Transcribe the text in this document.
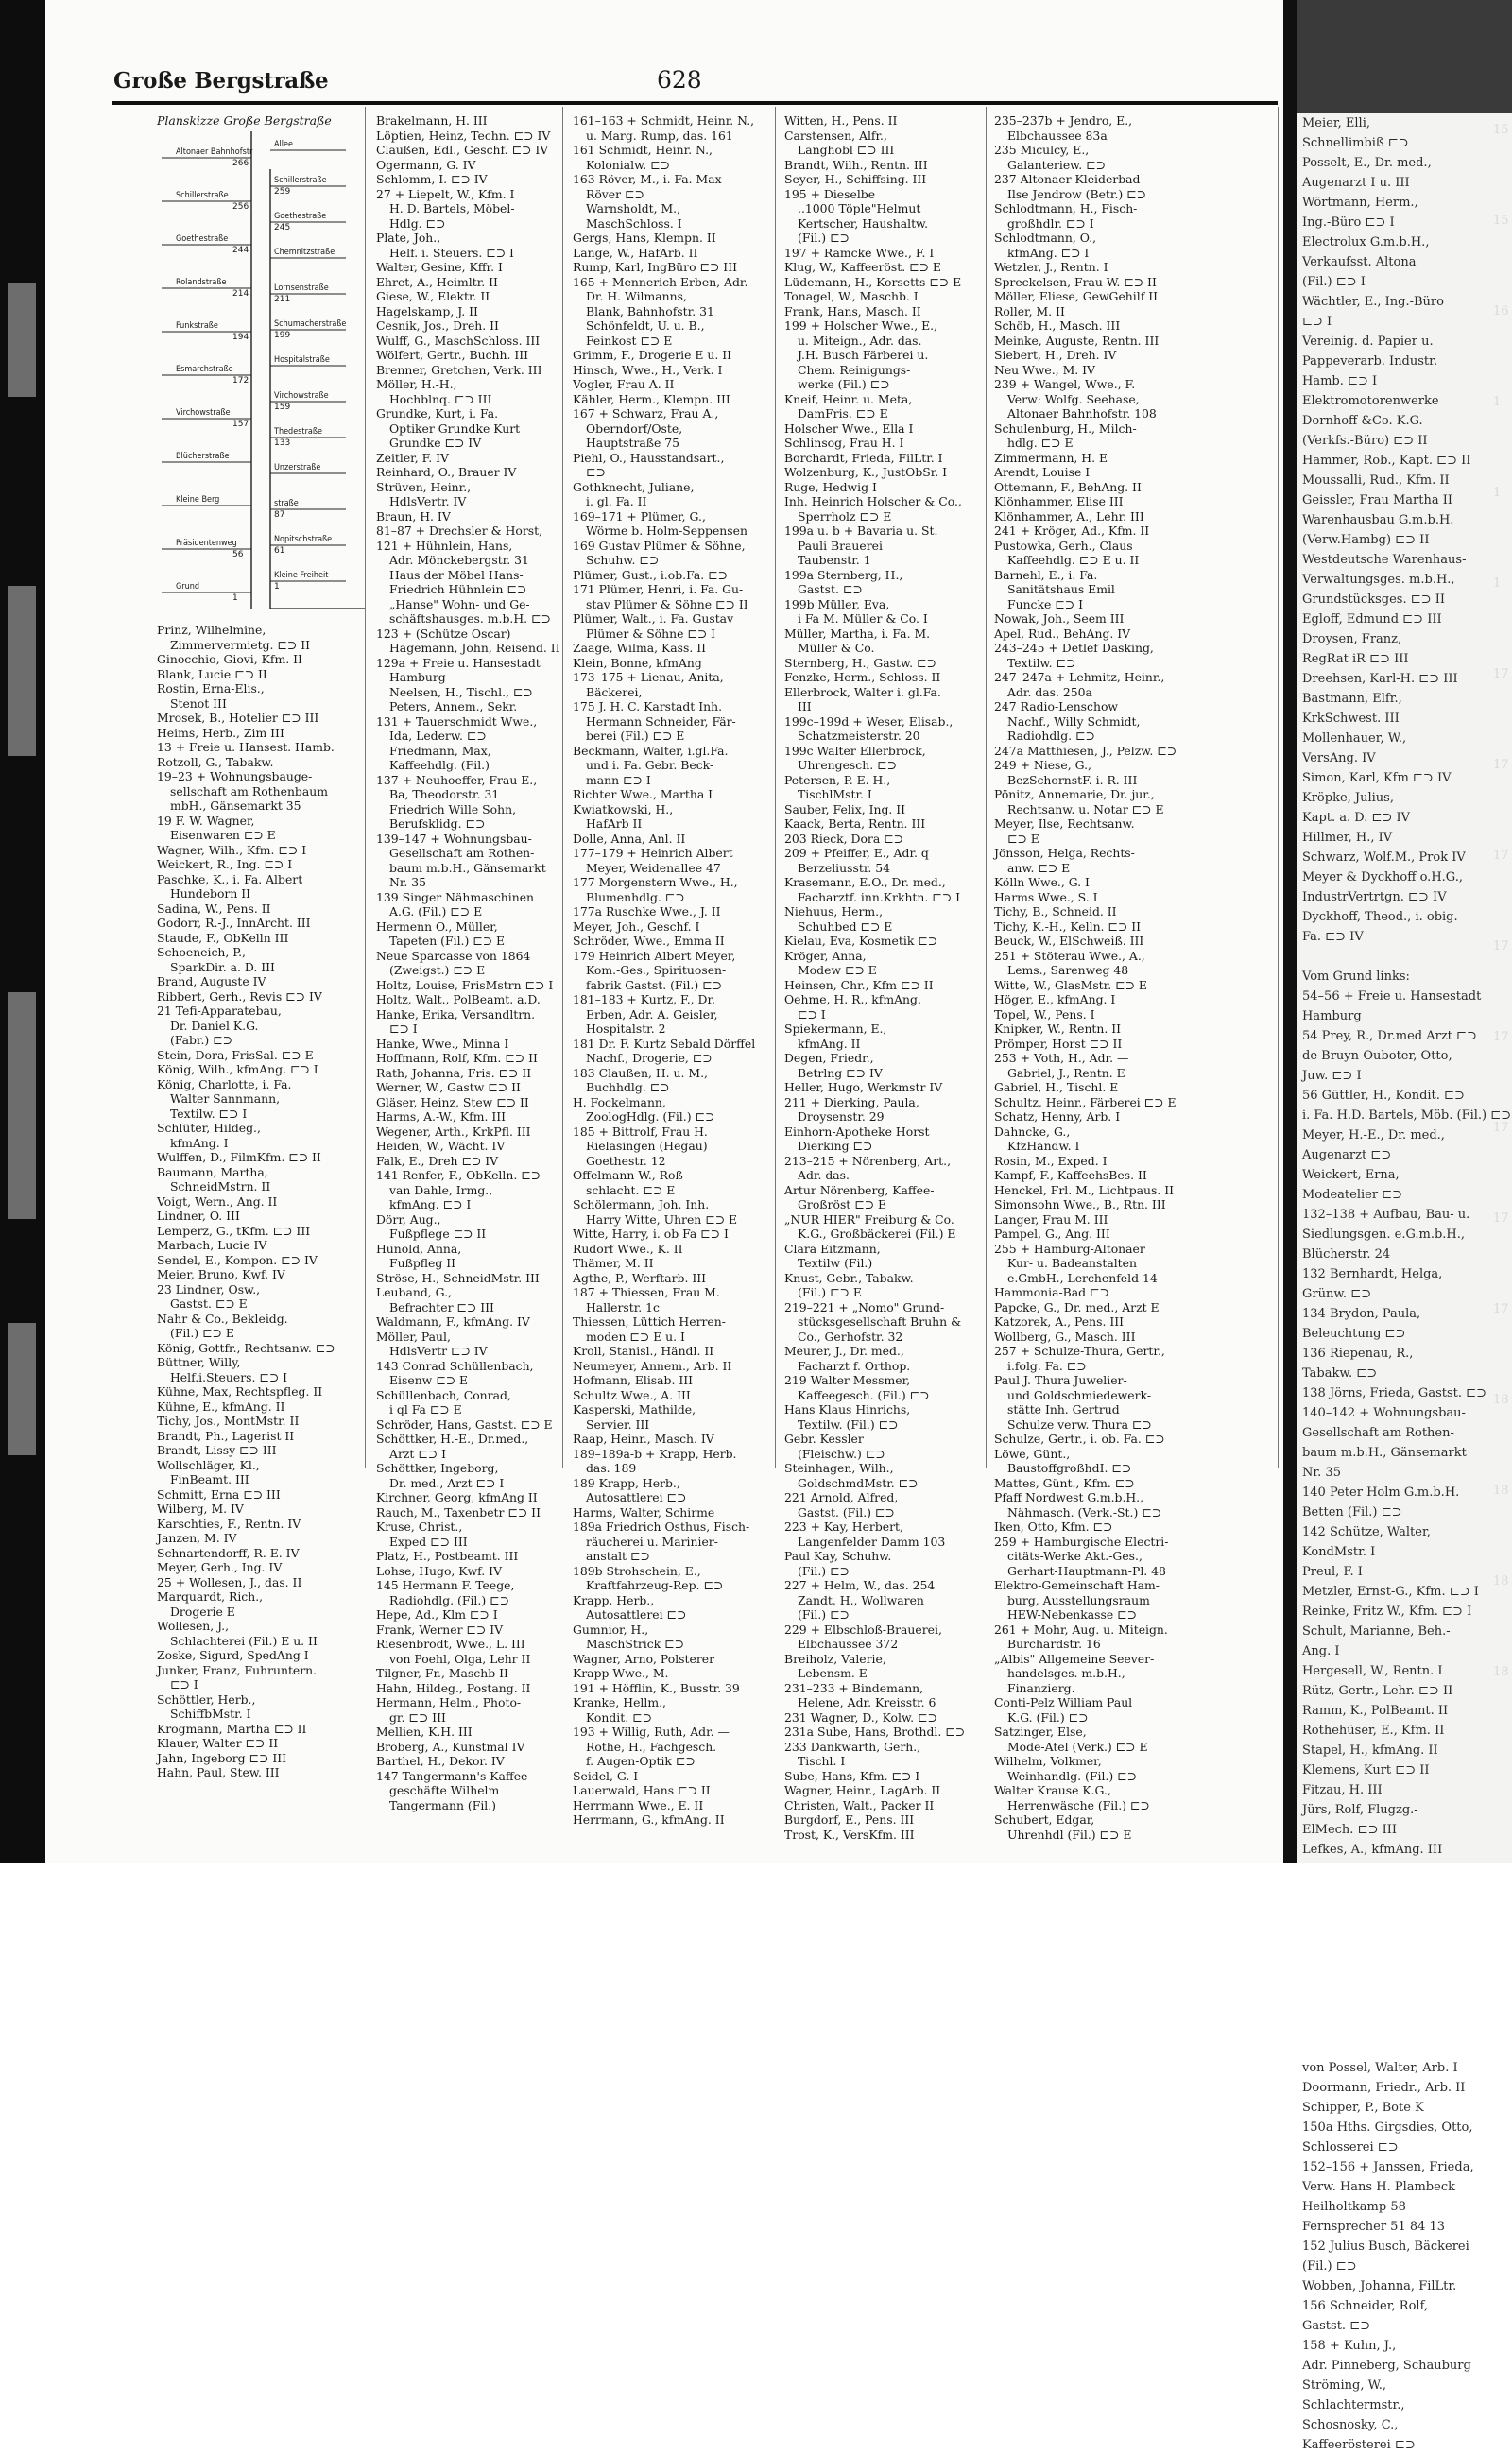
Große Bergstraße	628
Planskizze Große Bergstraße
Altonaer Bahnhofstr
266
Schillerstraße
256
Goethestraße
244
Rolandstraße
214
Funkstraße
194
Esmarchstraße
172
Virchowstraße
157
Blücherstraße
Kleine Berg
Präsidentenweg
56
Grund
1
Allee
Schillerstraße
259
Goethestraße
245
Chemnitzstraße
Lornsenstraße
211
Schumacherstraße
199
Hospitalstraße
Virchowstraße
159
Thedestraße
133
Unzerstraße
straße
87
Nopitschstraße
61
Kleine Freiheit
1
Prinz, Wilhelmine,
Zimmervermietg. ⊏⊃ II
Ginocchio, Giovi, Kfm. II
Blank, Lucie ⊏⊃ II
Rostin, Erna-Elis.,
Stenot III
Mrosek, B., Hotelier ⊏⊃ III
Heims, Herb., Zim III
13 + Freie u. Hansest. Hamb.
Rotzoll, G., Tabakw.
19–23 + Wohnungsbauge-
sellschaft am Rothenbaum
mbH., Gänsemarkt 35
19 F. W. Wagner,
Eisenwaren ⊏⊃ E
Wagner, Wilh., Kfm. ⊏⊃ I
Weickert, R., Ing. ⊏⊃ I
Paschke, K., i. Fa. Albert
Hundeborn II
Sadina, W., Pens. II
Godorr, R.-J., InnArcht. III
Staude, F., ObKelln III
Schoeneich, P.,
SparkDir. a. D. III
Brand, Auguste IV
Ribbert, Gerh., Revis ⊏⊃ IV
21 Tefi-Apparatebau,
Dr. Daniel K.G.
(Fabr.) ⊏⊃
Stein, Dora, FrisSal. ⊏⊃ E
König, Wilh., kfmAng. ⊏⊃ I
König, Charlotte, i. Fa.
Walter Sannmann,
Textilw. ⊏⊃ I
Schlüter, Hildeg.,
kfmAng. I
Wulffen, D., FilmKfm. ⊏⊃ II
Baumann, Martha,
SchneidMstrn. II
Voigt, Wern., Ang. II
Lindner, O. III
Lemperz, G., tKfm. ⊏⊃ III
Marbach, Lucie IV
Sendel, E., Kompon. ⊏⊃ IV
Meier, Bruno, Kwf. IV
23 Lindner, Osw.,
Gastst. ⊏⊃ E
Nahr & Co., Bekleidg.
(Fil.) ⊏⊃ E
König, Gottfr., Rechtsanw. ⊏⊃
Büttner, Willy,
Helf.i.Steuers. ⊏⊃ I
Kühne, Max, Rechtspfleg. II
Kühne, E., kfmAng. II
Tichy, Jos., MontMstr. II
Brandt, Ph., Lagerist II
Brandt, Lissy ⊏⊃ III
Wollschläger, Kl.,
FinBeamt. III
Schmitt, Erna ⊏⊃ III
Wilberg, M. IV
Karschties, F., Rentn. IV
Janzen, M. IV
Schnartendorff, R. E. IV
Meyer, Gerh., Ing. IV
25 + Wollesen, J., das. II
Marquardt, Rich.,
Drogerie E
Wollesen, J.,
Schlachterei (Fil.) E u. II
Zoske, Sigurd, SpedAng I
Junker, Franz, Fuhruntern.
⊏⊃ I
Schöttler, Herb.,
SchiffbMstr. I
Krogmann, Martha ⊏⊃ II
Klauer, Walter ⊏⊃ II
Jahn, Ingeborg ⊏⊃ III
Hahn, Paul, Stew. III
Brakelmann, H. III
Löptien, Heinz, Techn. ⊏⊃ IV
Claußen, Edl., Geschf. ⊏⊃ IV
Ogermann, G. IV
Schlomm, I. ⊏⊃ IV
27 + Liepelt, W., Kfm. I
H. D. Bartels, Möbel-
Hdlg. ⊏⊃
Plate, Joh.,
Helf. i. Steuers. ⊏⊃ I
Walter, Gesine, Kffr. I
Ehret, A., Heimltr. II
Giese, W., Elektr. II
Hagelskamp, J. II
Cesnik, Jos., Dreh. II
Wulff, G., MaschSchloss. III
Wölfert, Gertr., Buchh. III
Brenner, Gretchen, Verk. III
Möller, H.-H.,
Hochblnq. ⊏⊃ III
Grundke, Kurt, i. Fa.
Optiker Grundke Kurt
Grundke ⊏⊃ IV
Zeitler, F. IV
Reinhard, O., Brauer IV
Strüven, Heinr.,
HdlsVertr. IV
Braun, H. IV
81–87 + Drechsler & Horst,
121 + Hühnlein, Hans,
Adr. Mönckebergstr. 31
Haus der Möbel Hans-
Friedrich Hühnlein ⊏⊃
„Hanse" Wohn- und Ge-
schäftshausges. m.b.H. ⊏⊃
123 + (Schütze Oscar)
Hagemann, John, Reisend. II
129a + Freie u. Hansestadt
Hamburg
Neelsen, H., Tischl., ⊏⊃
Peters, Annem., Sekr.
131 + Tauerschmidt Wwe.,
Ida, Lederw. ⊏⊃
Friedmann, Max,
Kaffeehdlg. (Fil.)
137 + Neuhoeffer, Frau E.,
Ba, Theodorstr. 31
Friedrich Wille Sohn,
Berufsklidg. ⊏⊃
139–147 + Wohnungsbau-
Gesellschaft am Rothen-
baum m.b.H., Gänsemarkt
Nr. 35
139 Singer Nähmaschinen
A.G. (Fil.) ⊏⊃ E
Hermenn O., Müller,
Tapeten (Fil.) ⊏⊃ E
Neue Sparcasse von 1864
(Zweigst.) ⊏⊃ E
Holtz, Louise, FrisMstrn ⊏⊃ I
Holtz, Walt., PolBeamt. a.D.
Hanke, Erika, Versandltrn.
⊏⊃ I
Hanke, Wwe., Minna I
Hoffmann, Rolf, Kfm. ⊏⊃ II
Rath, Johanna, Fris. ⊏⊃ II
Werner, W., Gastw ⊏⊃ II
Gläser, Heinz, Stew ⊏⊃ II
Harms, A.-W., Kfm. III
Wegener, Arth., KrkPfl. III
Heiden, W., Wächt. IV
Falk, E., Dreh ⊏⊃ IV
141 Renfer, F., ObKelln. ⊏⊃
van Dahle, Irmg.,
kfmAng. ⊏⊃ I
Dörr, Aug.,
Fußpflege ⊏⊃ II
Hunold, Anna,
Fußpfleg II
Ströse, H., SchneidMstr. III
Leuband, G.,
Befrachter ⊏⊃ III
Waldmann, F., kfmAng. IV
Möller, Paul,
HdlsVertr ⊏⊃ IV
143 Conrad Schüllenbach,
Eisenw ⊏⊃ E
Schüllenbach, Conrad,
i ql Fa ⊏⊃ E
Schröder, Hans, Gastst. ⊏⊃ E
Schöttker, H.-E., Dr.med.,
Arzt ⊏⊃ I
Schöttker, Ingeborg,
Dr. med., Arzt ⊏⊃ I
Kirchner, Georg, kfmAng II
Rauch, M., Taxenbetr ⊏⊃ II
Kruse, Christ.,
Exped ⊏⊃ III
Platz, H., Postbeamt. III
Lohse, Hugo, Kwf. IV
145 Hermann F. Teege,
Radiohdlg. (Fil.) ⊏⊃
Hepe, Ad., Klm ⊏⊃ I
Frank, Werner ⊏⊃ IV
Riesenbrodt, Wwe., L. III
von Poehl, Olga, Lehr II
Tilgner, Fr., Maschb II
Hahn, Hildeg., Postang. II
Hermann, Helm., Photo-
gr. ⊏⊃ III
Mellien, K.H. III
Broberg, A., Kunstmal IV
Barthel, H., Dekor. IV
147 Tangermann's Kaffee-
geschäfte Wilhelm
Tangermann (Fil.)
161–163 + Schmidt, Heinr. N.,
u. Marg. Rump, das. 161
161 Schmidt, Heinr. N.,
Kolonialw. ⊏⊃
163 Röver, M., i. Fa. Max
Röver ⊏⊃
Warnsholdt, M.,
MaschSchloss. I
Gergs, Hans, Klempn. II
Lange, W., HafArb. II
Rump, Karl, IngBüro ⊏⊃ III
165 + Mennerich Erben, Adr.
Dr. H. Wilmanns,
Blank, Bahnhofstr. 31
Schönfeldt, U. u. B.,
Feinkost ⊏⊃ E
Grimm, F., Drogerie E u. II
Hinsch, Wwe., H., Verk. I
Vogler, Frau A. II
Kähler, Herm., Klempn. III
167 + Schwarz, Frau A.,
Oberndorf/Oste,
Hauptstraße 75
Piehl, O., Hausstandsart.,
⊏⊃
Gothknecht, Juliane,
i. gl. Fa. II
169–171 + Plümer, G.,
Wörme b. Holm-Seppensen
169 Gustav Plümer & Söhne,
Schuhw. ⊏⊃
Plümer, Gust., i.ob.Fa. ⊏⊃
171 Plümer, Henri, i. Fa. Gu-
stav Plümer & Söhne ⊏⊃ II
Plümer, Walt., i. Fa. Gustav
Plümer & Söhne ⊏⊃ I
Zaage, Wilma, Kass. II
Klein, Bonne, kfmAng
173–175 + Lienau, Anita,
Bäckerei,
175 J. H. C. Karstadt Inh.
Hermann Schneider, Fär-
berei (Fil.) ⊏⊃ E
Beckmann, Walter, i.gl.Fa.
und i. Fa. Gebr. Beck-
mann ⊏⊃ I
Richter Wwe., Martha I
Kwiatkowski, H.,
HafArb II
Dolle, Anna, Anl. II
177–179 + Heinrich Albert
Meyer, Weidenallee 47
177 Morgenstern Wwe., H.,
Blumenhdlg. ⊏⊃
177a Ruschke Wwe., J. II
Meyer, Joh., Geschf. I
Schröder, Wwe., Emma II
179 Heinrich Albert Meyer,
Kom.-Ges., Spirituosen-
fabrik Gastst. (Fil.) ⊏⊃
181–183 + Kurtz, F., Dr.
Erben, Adr. A. Geisler,
Hospitalstr. 2
181 Dr. F. Kurtz Sebald Dörffel
Nachf., Drogerie, ⊏⊃
183 Claußen, H. u. M.,
Buchhdlg. ⊏⊃
H. Fockelmann,
ZoologHdlg. (Fil.) ⊏⊃
185 + Bittrolf, Frau H.
Rielasingen (Hegau)
Goethestr. 12
Offelmann W., Roß-
schlacht. ⊏⊃ E
Schölermann, Joh. Inh.
Harry Witte, Uhren ⊏⊃ E
Witte, Harry, i. ob Fa ⊏⊃ I
Rudorf Wwe., K. II
Thämer, M. II
Agthe, P., Werftarb. III
187 + Thiessen, Frau M.
Hallerstr. 1c
Thiessen, Lüttich Herren-
moden ⊏⊃ E u. I
Kroll, Stanisl., Händl. II
Neumeyer, Annem., Arb. II
Hofmann, Elisab. III
Schultz Wwe., A. III
Kasperski, Mathilde,
Servier. III
Raap, Heinr., Masch. IV
189–189a-b + Krapp, Herb.
das. 189
189 Krapp, Herb.,
Autosattlerei ⊏⊃
Harms, Walter, Schirme
189a Friedrich Osthus, Fisch-
räucherei u. Marinier-
anstalt ⊏⊃
189b Strohschein, E.,
Kraftfahrzeug-Rep. ⊏⊃
Krapp, Herb.,
Autosattlerei ⊏⊃
Gumnior, H.,
MaschStrick ⊏⊃
Wagner, Arno, Polsterer
Krapp Wwe., M.
191 + Höfflin, K., Busstr. 39
Kranke, Hellm.,
Kondit. ⊏⊃
193 + Willig, Ruth, Adr. —
Rothe, H., Fachgesch.
f. Augen-Optik ⊏⊃
Seidel, G. I
Lauerwald, Hans ⊏⊃ II
Herrmann Wwe., E. II
Herrmann, G., kfmAng. II
Witten, H., Pens. II
Carstensen, Alfr.,
Langhobl ⊏⊃ III
Brandt, Wilh., Rentn. III
Seyer, H., Schiffsing. III
195 + Dieselbe
..1000 Töple"Helmut
Kertscher, Haushaltw.
(Fil.) ⊏⊃
197 + Ramcke Wwe., F. I
Klug, W., Kaffeeröst. ⊏⊃ E
Lüdemann, H., Korsetts ⊏⊃ E
Tonagel, W., Maschb. I
Frank, Hans, Masch. II
199 + Holscher Wwe., E.,
u. Miteign., Adr. das.
J.H. Busch Färberei u.
Chem. Reinigungs-
werke (Fil.) ⊏⊃
Kneif, Heinr. u. Meta,
DamFris. ⊏⊃ E
Holscher Wwe., Ella I
Schlinsog, Frau H. I
Borchardt, Frieda, FilLtr. I
Wolzenburg, K., JustObSr. I
Ruge, Hedwig I
Inh. Heinrich Holscher & Co.,
Sperrholz ⊏⊃ E
199a u. b + Bavaria u. St.
Pauli Brauerei
Taubenstr. 1
199a Sternberg, H.,
Gastst. ⊏⊃
199b Müller, Eva,
i Fa M. Müller & Co. I
Müller, Martha, i. Fa. M.
Müller & Co.
Sternberg, H., Gastw. ⊏⊃
Fenzke, Herm., Schloss. II
Ellerbrock, Walter i. gl.Fa.
III
199c–199d + Weser, Elisab.,
Schatzmeisterstr. 20
199c Walter Ellerbrock,
Uhrengesch. ⊏⊃
Petersen, P. E. H.,
TischlMstr. I
Sauber, Felix, Ing. II
Kaack, Berta, Rentn. III
203 Rieck, Dora ⊏⊃
209 + Pfeiffer, E., Adr. q
Berzeliusstr. 54
Krasemann, E.O., Dr. med.,
Facharztf. inn.Krkhtn. ⊏⊃ I
Niehuus, Herm.,
Schuhbed ⊏⊃ E
Kielau, Eva, Kosmetik ⊏⊃
Kröger, Anna,
Modew ⊏⊃ E
Heinsen, Chr., Kfm ⊏⊃ II
Oehme, H. R., kfmAng.
⊏⊃ I
Spiekermann, E.,
kfmAng. II
Degen, Friedr.,
Betrlng ⊏⊃ IV
Heller, Hugo, Werkmstr IV
211 + Dierking, Paula,
Droysenstr. 29
Einhorn-Apotheke Horst
Dierking ⊏⊃
213–215 + Nörenberg, Art.,
Adr. das.
Artur Nörenberg, Kaffee-
Großröst ⊏⊃ E
„NUR HIER" Freiburg & Co.
K.G., Großbäckerei (Fil.) E
Clara Eitzmann,
Textilw (Fil.)
Knust, Gebr., Tabakw.
(Fil.) ⊏⊃ E
219–221 + „Nomo" Grund-
stücksgesellschaft Bruhn &
Co., Gerhofstr. 32
Meurer, J., Dr. med.,
Facharzt f. Orthop.
219 Walter Messmer,
Kaffeegesch. (Fil.) ⊏⊃
Hans Klaus Hinrichs,
Textilw. (Fil.) ⊏⊃
Gebr. Kessler
(Fleischw.) ⊏⊃
Steinhagen, Wilh.,
GoldschmdMstr. ⊏⊃
221 Arnold, Alfred,
Gastst. (Fil.) ⊏⊃
223 + Kay, Herbert,
Langenfelder Damm 103
Paul Kay, Schuhw.
(Fil.) ⊏⊃
227 + Helm, W., das. 254
Zandt, H., Wollwaren
(Fil.) ⊏⊃
229 + Elbschloß-Brauerei,
Elbchaussee 372
Breiholz, Valerie,
Lebensm. E
231–233 + Bindemann,
Helene, Adr. Kreisstr. 6
231 Wagner, D., Kolw. ⊏⊃
231a Sube, Hans, Brothdl. ⊏⊃
233 Dankwarth, Gerh.,
Tischl. I
Sube, Hans, Kfm. ⊏⊃ I
Wagner, Heinr., LagArb. II
Christen, Walt., Packer II
Burgdorf, E., Pens. III
Trost, K., VersKfm. III
235–237b + Jendro, E.,
Elbchaussee 83a
235 Miculcy, E.,
Galanteriew. ⊏⊃
237 Altonaer Kleiderbad
Ilse Jendrow (Betr.) ⊏⊃
Schlodtmann, H., Fisch-
großhdlr. ⊏⊃ I
Schlodtmann, O.,
kfmAng. ⊏⊃ I
Wetzler, J., Rentn. I
Spreckelsen, Frau W. ⊏⊃ II
Möller, Eliese, GewGehilf II
Roller, M. II
Schöb, H., Masch. III
Meinke, Auguste, Rentn. III
Siebert, H., Dreh. IV
Neu Wwe., M. IV
239 + Wangel, Wwe., F.
Verw: Wolfg. Seehase,
Altonaer Bahnhofstr. 108
Schulenburg, H., Milch-
hdlg. ⊏⊃ E
Zimmermann, H. E
Arendt, Louise I
Ottemann, F., BehAng. II
Klönhammer, Elise III
Klönhammer, A., Lehr. III
241 + Kröger, Ad., Kfm. II
Pustowka, Gerh., Claus
Kaffeehdlg. ⊏⊃ E u. II
Barnehl, E., i. Fa.
Sanitätshaus Emil
Funcke ⊏⊃ I
Nowak, Joh., Seem III
Apel, Rud., BehAng. IV
243–245 + Detlef Dasking,
Textilw. ⊏⊃
247–247a + Lehmitz, Heinr.,
Adr. das. 250a
247 Radio-Lenschow
Nachf., Willy Schmidt,
Radiohdlg. ⊏⊃
247a Matthiesen, J., Pelzw. ⊏⊃
249 + Niese, G.,
BezSchornstF. i. R. III
Pönitz, Annemarie, Dr. jur.,
Rechtsanw. u. Notar ⊏⊃ E
Meyer, Ilse, Rechtsanw.
⊏⊃ E
Jönsson, Helga, Rechts-
anw. ⊏⊃ E
Kölln Wwe., G. I
Harms Wwe., S. I
Tichy, B., Schneid. II
Tichy, K.-H., Kelln. ⊏⊃ II
Beuck, W., ElSchweiß. III
251 + Stöterau Wwe., A.,
Lems., Sarenweg 48
Witte, W., GlasMstr. ⊏⊃ E
Höger, E., kfmAng. I
Topel, W., Pens. I
Knipker, W., Rentn. II
Prömper, Horst ⊏⊃ II
253 + Voth, H., Adr. —
Gabriel, J., Rentn. E
Gabriel, H., Tischl. E
Schultz, Heinr., Färberei ⊏⊃ E
Schatz, Henny, Arb. I
Dahncke, G.,
KfzHandw. I
Rosin, M., Exped. I
Kampf, F., KaffeehsBes. II
Henckel, Frl. M., Lichtpaus. II
Simonsohn Wwe., B., Rtn. III
Langer, Frau M. III
Pampel, G., Ang. III
255 + Hamburg-Altonaer
Kur- u. Badeanstalten
e.GmbH., Lerchenfeld 14
Hammonia-Bad ⊏⊃
Papcke, G., Dr. med., Arzt E
Katzorek, A., Pens. III
Wollberg, G., Masch. III
257 + Schulze-Thura, Gertr.,
i.folg. Fa. ⊏⊃
Paul J. Thura Juwelier-
und Goldschmiedewerk-
stätte Inh. Gertrud
Schulze verw. Thura ⊏⊃
Schulze, Gertr., i. ob. Fa. ⊏⊃
Löwe, Günt.,
BaustoffgroßhdI. ⊏⊃
Mattes, Günt., Kfm. ⊏⊃
Pfaff Nordwest G.m.b.H.,
Nähmasch. (Verk.-St.) ⊏⊃
Iken, Otto, Kfm. ⊏⊃
259 + Hamburgische Electri-
citäts-Werke Akt.-Ges.,
Gerhart-Hauptmann-Pl. 48
Elektro-Gemeinschaft Ham-
burg, Ausstellungsraum
HEW-Nebenkasse ⊏⊃
261 + Mohr, Aug. u. Miteign.
Burchardstr. 16
„Albis" Allgemeine Seever-
handelsges. m.b.H.,
Finanzierg.
Conti-Pelz William Paul
K.G. (Fil.) ⊏⊃
Satzinger, Else,
Mode-Atel (Verk.) ⊏⊃ E
Wilhelm, Volkmer,
Weinhandlg. (Fil.) ⊏⊃
Walter Krause K.G.,
Herrenwäsche (Fil.) ⊏⊃
Schubert, Edgar,
Uhrenhdl (Fil.) ⊏⊃ E
Meier, Elli,
Schnellimbiß ⊏⊃
Posselt, E., Dr. med.,
Augenarzt I u. III
Wörtmann, Herm.,
Ing.-Büro ⊏⊃ I
Electrolux G.m.b.H.,
Verkaufsst. Altona
(Fil.) ⊏⊃ I
Wächtler, E., Ing.-Büro
⊏⊃ I
Vereinig. d. Papier u.
Pappeverarb. Industr.
Hamb. ⊏⊃ I
Elektromotorenwerke
Dornhoff &Co. K.G.
(Verkfs.-Büro) ⊏⊃ II
Hammer, Rob., Kapt. ⊏⊃ II
Moussalli, Rud., Kfm. II
Geissler, Frau Martha II
Warenhausbau G.m.b.H.
(Verw.Hambg) ⊏⊃ II
Westdeutsche Warenhaus-
Verwaltungsges. m.b.H.,
Grundstücksges. ⊏⊃ II
Egloff, Edmund ⊏⊃ III
Droysen, Franz,
RegRat iR ⊏⊃ III
Dreehsen, Karl-H. ⊏⊃ III
Bastmann, Elfr.,
KrkSchwest. III
Mollenhauer, W.,
VersAng. IV
Simon, Karl, Kfm ⊏⊃ IV
Kröpke, Julius,
Kapt. a. D. ⊏⊃ IV
Hillmer, H., IV
Schwarz, Wolf.M., Prok IV
Meyer & Dyckhoff o.H.G.,
IndustrVertrtgn. ⊏⊃ IV
Dyckhoff, Theod., i. obig.
Fa. ⊏⊃ IV
Vom Grund links:
54–56 + Freie u. Hansestadt
Hamburg
54 Prey, R., Dr.med Arzt ⊏⊃
de Bruyn-Ouboter, Otto,
Juw. ⊏⊃ I
56 Güttler, H., Kondit. ⊏⊃
i. Fa. H.D. Bartels, Möb. (Fil.) ⊏⊃
Meyer, H.-E., Dr. med.,
Augenarzt ⊏⊃
Weickert, Erna,
Modeatelier ⊏⊃
132–138 + Aufbau, Bau- u.
Siedlungsgen. e.G.m.b.H.,
Blücherstr. 24
132 Bernhardt, Helga,
Grünw. ⊏⊃
134 Brydon, Paula,
Beleuchtung ⊏⊃
136 Riepenau, R.,
Tabakw. ⊏⊃
138 Jörns, Frieda, Gastst. ⊏⊃
140–142 + Wohnungsbau-
Gesellschaft am Rothen-
baum m.b.H., Gänsemarkt
Nr. 35
140 Peter Holm G.m.b.H.
Betten (Fil.) ⊏⊃
142 Schütze, Walter,
KondMstr. I
Preul, F. I
Metzler, Ernst-G., Kfm. ⊏⊃ I
Reinke, Fritz W., Kfm. ⊏⊃ I
Schult, Marianne, Beh.-
Ang. I
Hergesell, W., Rentn. I
Rütz, Gertr., Lehr. ⊏⊃ II
Ramm, K., PolBeamt. II
Rothehüser, E., Kfm. II
Stapel, H., kfmAng. II
Klemens, Kurt ⊏⊃ II
Fitzau, H. III
Jürs, Rolf, Flugzg.-
ElMech. ⊏⊃ III
Lefkes, A., kfmAng. III
von Possel, Walter, Arb. I
Doormann, Friedr., Arb. II
Schipper, P., Bote K
150a Hths. Girgsdies, Otto,
Schlosserei ⊏⊃
152–156 + Janssen, Frieda,
Verw. Hans H. Plambeck
Heilholtkamp 58
Fernsprecher 51 84 13
152 Julius Busch, Bäckerei
(Fil.) ⊏⊃
Wobben, Johanna, FilLtr.
156 Schneider, Rolf,
Gastst. ⊏⊃
158 + Kuhn, J.,
Adr. Pinneberg, Schauburg
Ströming, W.,
Schlachtermstr.,
Schosnosky, C.,
Kaffeerösterei ⊏⊃
15
15
16
1
1
1
17
17
17
17
17
17
17
17
18
18
18
18
